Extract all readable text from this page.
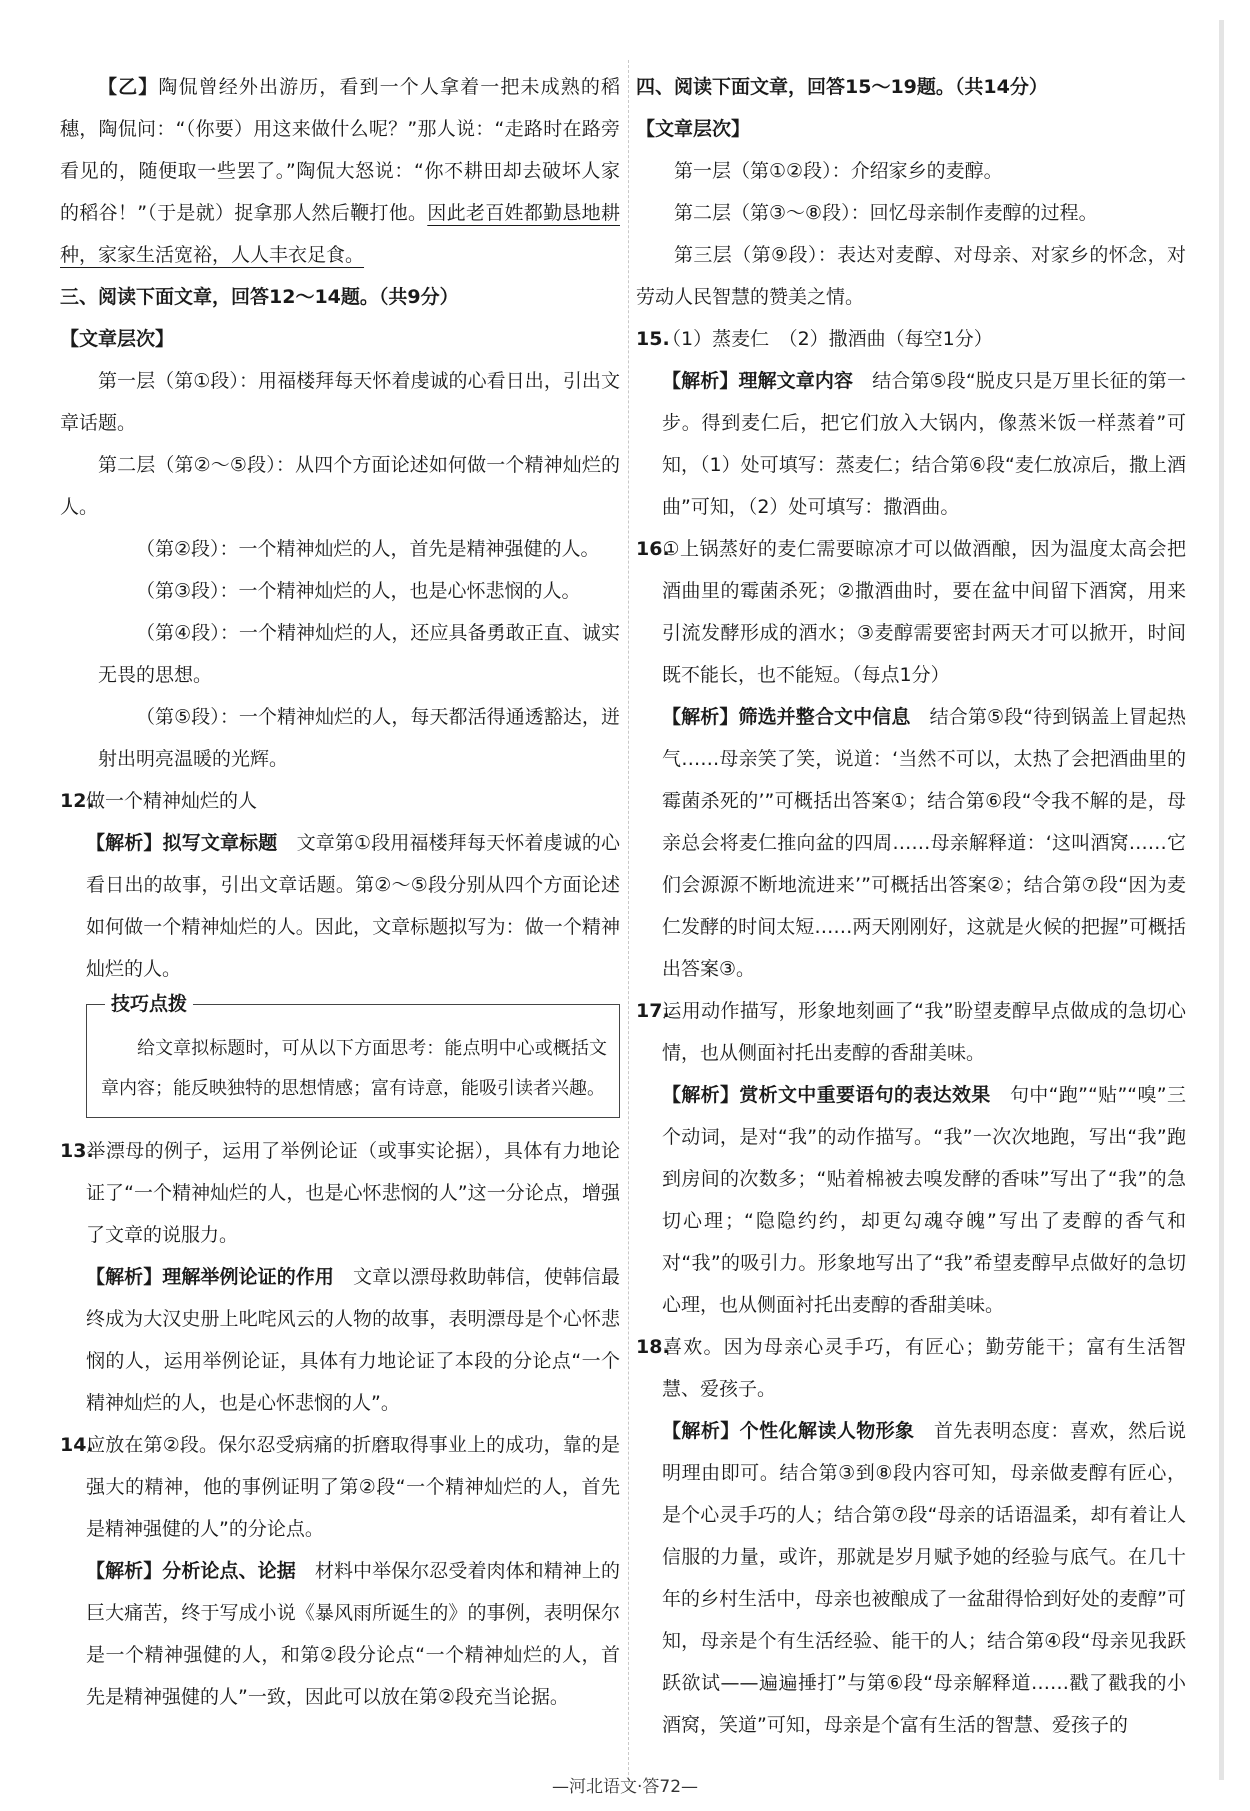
【乙】陶侃曾经外出游历，看到一个人拿着一把未成熟的稻穗，陶侃问：“（你要）用这来做什么呢？”那人说：“走路时在路旁看见的，随便取一些罢了。”陶侃大怒说：“你不耕田却去破坏人家的稻谷！”（于是就）捉拿那人然后鞭打他。因此老百姓都勤恳地耕种，家家生活宽裕，人人丰衣足食。

三、阅读下面文章，回答12～14题。（共9分）

【文章层次】

第一层（第①段）：用福楼拜每天怀着虔诚的心看日出，引出文章话题。

第二层（第②～⑤段）：从四个方面论述如何做一个精神灿烂的人。

（第②段）：一个精神灿烂的人，首先是精神强健的人。

（第③段）：一个精神灿烂的人，也是心怀悲悯的人。

（第④段）：一个精神灿烂的人，还应具备勇敢正直、诚实无畏的思想。

（第⑤段）：一个精神灿烂的人，每天都活得通透豁达，迸射出明亮温暖的光辉。

12.做一个精神灿烂的人

【解析】拟写文章标题　 文章第①段用福楼拜每天怀着虔诚的心看日出的故事，引出文章话题。第②～⑤段分别从四个方面论述如何做一个精神灿烂的人。因此，文章标题拟写为：做一个精神灿烂的人。

技巧点拨

给文章拟标题时，可从以下方面思考：能点明中心或概括文章内容；能反映独特的思想情感；富有诗意，能吸引读者兴趣。

13.举漂母的例子，运用了举例论证（或事实论据），具体有力地论证了“一个精神灿烂的人，也是心怀悲悯的人”这一分论点，增强了文章的说服力。

【解析】理解举例论证的作用　 文章以漂母救助韩信，使韩信最终成为大汉史册上叱咤风云的人物的故事，表明漂母是个心怀悲悯的人，运用举例论证，具体有力地论证了本段的分论点“一个精神灿烂的人，也是心怀悲悯的人”。

14.应放在第②段。保尔忍受病痛的折磨取得事业上的成功，靠的是强大的精神，他的事例证明了第②段“一个精神灿烂的人，首先是精神强健的人”的分论点。

【解析】分析论点、论据　 材料中举保尔忍受着肉体和精神上的巨大痛苦，终于写成小说《暴风雨所诞生的》的事例，表明保尔是一个精神强健的人，和第②段分论点“一个精神灿烂的人，首先是精神强健的人”一致，因此可以放在第②段充当论据。

四、阅读下面文章，回答15～19题。（共14分）

【文章层次】

第一层（第①②段）：介绍家乡的麦醇。

第二层（第③～⑧段）：回忆母亲制作麦醇的过程。

第三层（第⑨段）：表达对麦醇、对母亲、对家乡的怀念，对劳动人民智慧的赞美之情。

15.（1）蒸麦仁　（2）撒酒曲（每空1分）

【解析】理解文章内容　 结合第⑤段“脱皮只是万里长征的第一步。得到麦仁后，把它们放入大锅内，像蒸米饭一样蒸着”可知，（1）处可填写：蒸麦仁；结合第⑥段“麦仁放凉后，撒上酒曲”可知，（2）处可填写：撒酒曲。

16.①上锅蒸好的麦仁需要晾凉才可以做酒酿，因为温度太高会把酒曲里的霉菌杀死；②撒酒曲时，要在盆中间留下酒窝，用来引流发酵形成的酒水；③麦醇需要密封两天才可以掀开，时间既不能长，也不能短。（每点1分）

【解析】筛选并整合文中信息　 结合第⑤段“待到锅盖上冒起热气……母亲笑了笑，说道：‘当然不可以，太热了会把酒曲里的霉菌杀死的’”可概括出答案①；结合第⑥段“令我不解的是，母亲总会将麦仁推向盆的四周……母亲解释道：‘这叫酒窝……它们会源源不断地流进来’”可概括出答案②；结合第⑦段“因为麦仁发酵的时间太短……两天刚刚好，这就是火候的把握”可概括出答案③。

17.运用动作描写，形象地刻画了“我”盼望麦醇早点做成的急切心情，也从侧面衬托出麦醇的香甜美味。

【解析】赏析文中重要语句的表达效果　 句中“跑”“贴”“嗅”三个动词，是对“我”的动作描写。“我”一次次地跑，写出“我”跑到房间的次数多；“贴着棉被去嗅发酵的香味”写出了“我”的急切心理；“隐隐约约，却更勾魂夺魄”写出了麦醇的香气和对“我”的吸引力。形象地写出了“我”希望麦醇早点做好的急切心理，也从侧面衬托出麦醇的香甜美味。

18.喜欢。因为母亲心灵手巧，有匠心；勤劳能干；富有生活智慧、爱孩子。

【解析】个性化解读人物形象　 首先表明态度：喜欢，然后说明理由即可。结合第③到⑧段内容可知，母亲做麦醇有匠心，是个心灵手巧的人；结合第⑦段“母亲的话语温柔，却有着让人信服的力量，或许，那就是岁月赋予她的经验与底气。在几十年的乡村生活中，母亲也被酿成了一盆甜得恰到好处的麦醇”可知，母亲是个有生活经验、能干的人；结合第④段“母亲见我跃跃欲试——遍遍捶打”与第⑥段“母亲解释道……戳了戳我的小酒窝，笑道”可知，母亲是个富有生活的智慧、爱孩子的

—河北语文·答72—
